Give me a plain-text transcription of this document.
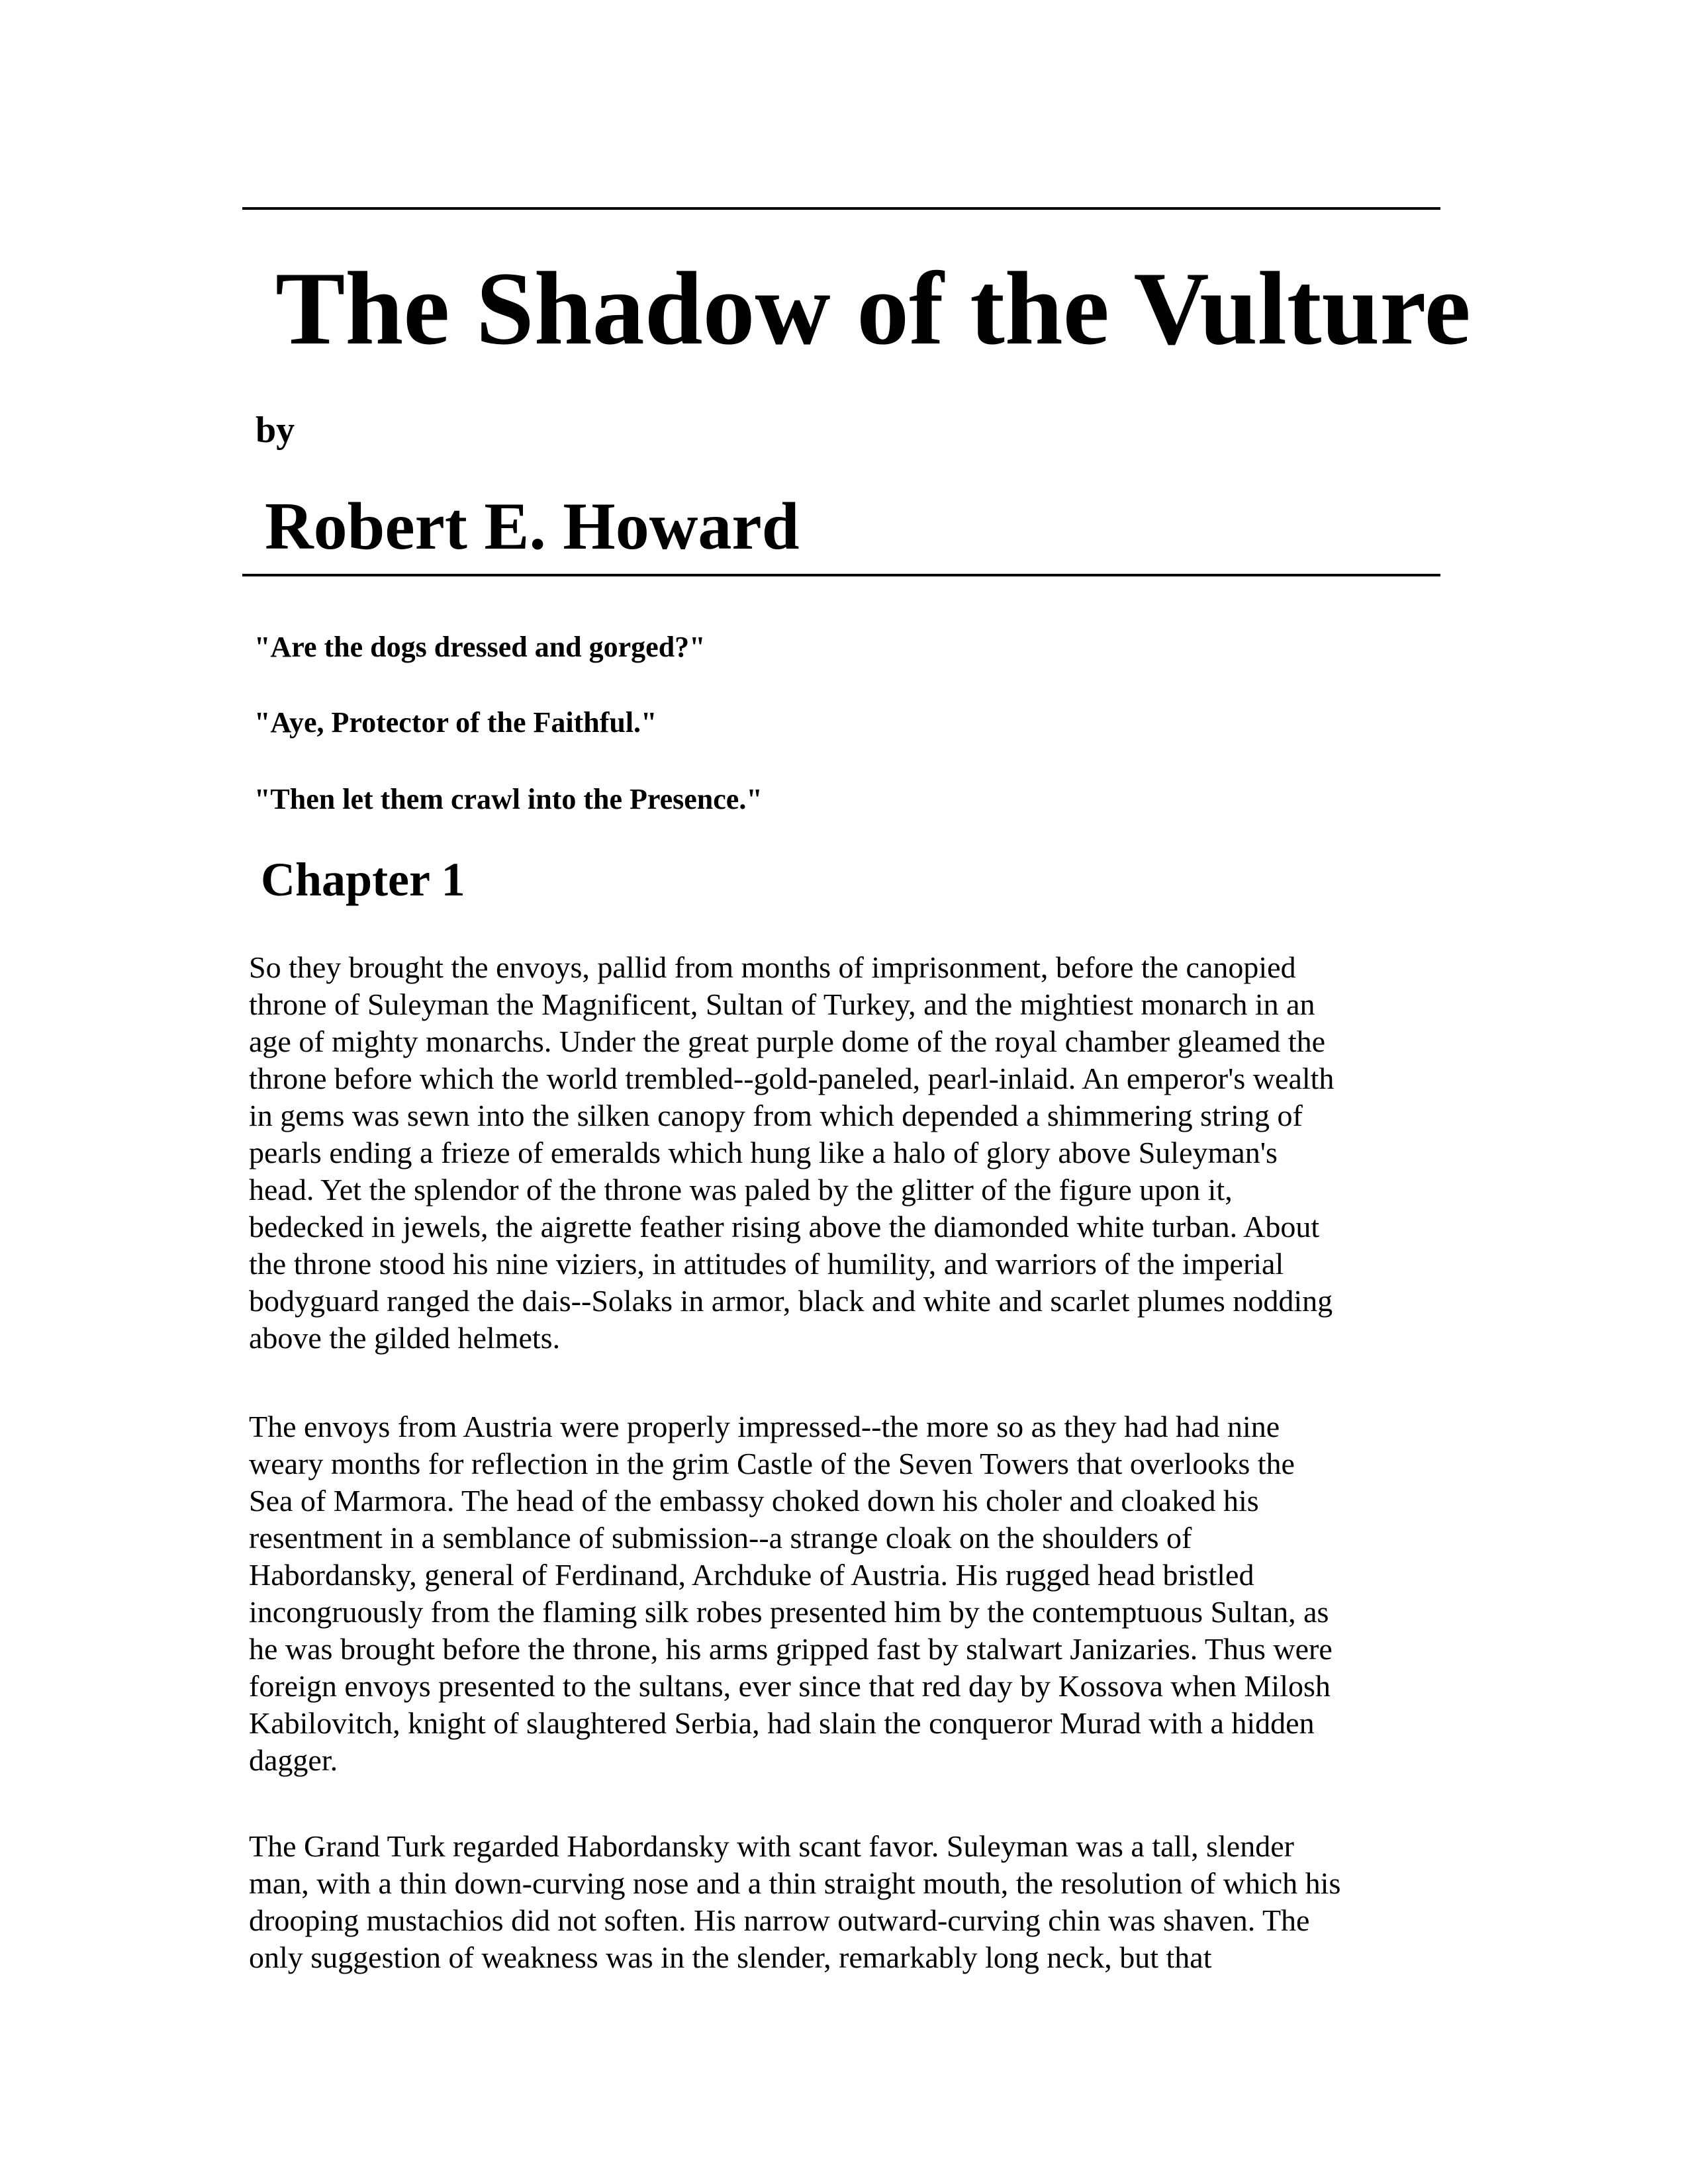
The Shadow of the Vulture
by
Robert E. Howard
"Are the dogs dressed and gorged?"
"Aye, Protector of the Faithful."
"Then let them crawl into the Presence."
Chapter 1

So they brought the envoys, pallid from months of imprisonment, before the canopied
throne of Suleyman the Magnificent, Sultan of Turkey, and the mightiest monarch in an
age of mighty monarchs. Under the great purple dome of the royal chamber gleamed the
throne before which the world trembled--gold-paneled, pearl-inlaid. An emperor's wealth
in gems was sewn into the silken canopy from which depended a shimmering string of
pearls ending a frieze of emeralds which hung like a halo of glory above Suleyman's
head. Yet the splendor of the throne was paled by the glitter of the figure upon it,
bedecked in jewels, the aigrette feather rising above the diamonded white turban. About
the throne stood his nine viziers, in attitudes of humility, and warriors of the imperial
bodyguard ranged the dais--Solaks in armor, black and white and scarlet plumes nodding
above the gilded helmets.

The envoys from Austria were properly impressed--the more so as they had had nine
weary months for reflection in the grim Castle of the Seven Towers that overlooks the
Sea of Marmora. The head of the embassy choked down his choler and cloaked his
resentment in a semblance of submission--a strange cloak on the shoulders of
Habordansky, general of Ferdinand, Archduke of Austria. His rugged head bristled
incongruously from the flaming silk robes presented him by the contemptuous Sultan, as
he was brought before the throne, his arms gripped fast by stalwart Janizaries. Thus were
foreign envoys presented to the sultans, ever since that red day by Kossova when Milosh
Kabilovitch, knight of slaughtered Serbia, had slain the conqueror Murad with a hidden
dagger.

The Grand Turk regarded Habordansky with scant favor. Suleyman was a tall, slender
man, with a thin down-curving nose and a thin straight mouth, the resolution of which his
drooping mustachios did not soften. His narrow outward-curving chin was shaven. The
only suggestion of weakness was in the slender, remarkably long neck, but that
